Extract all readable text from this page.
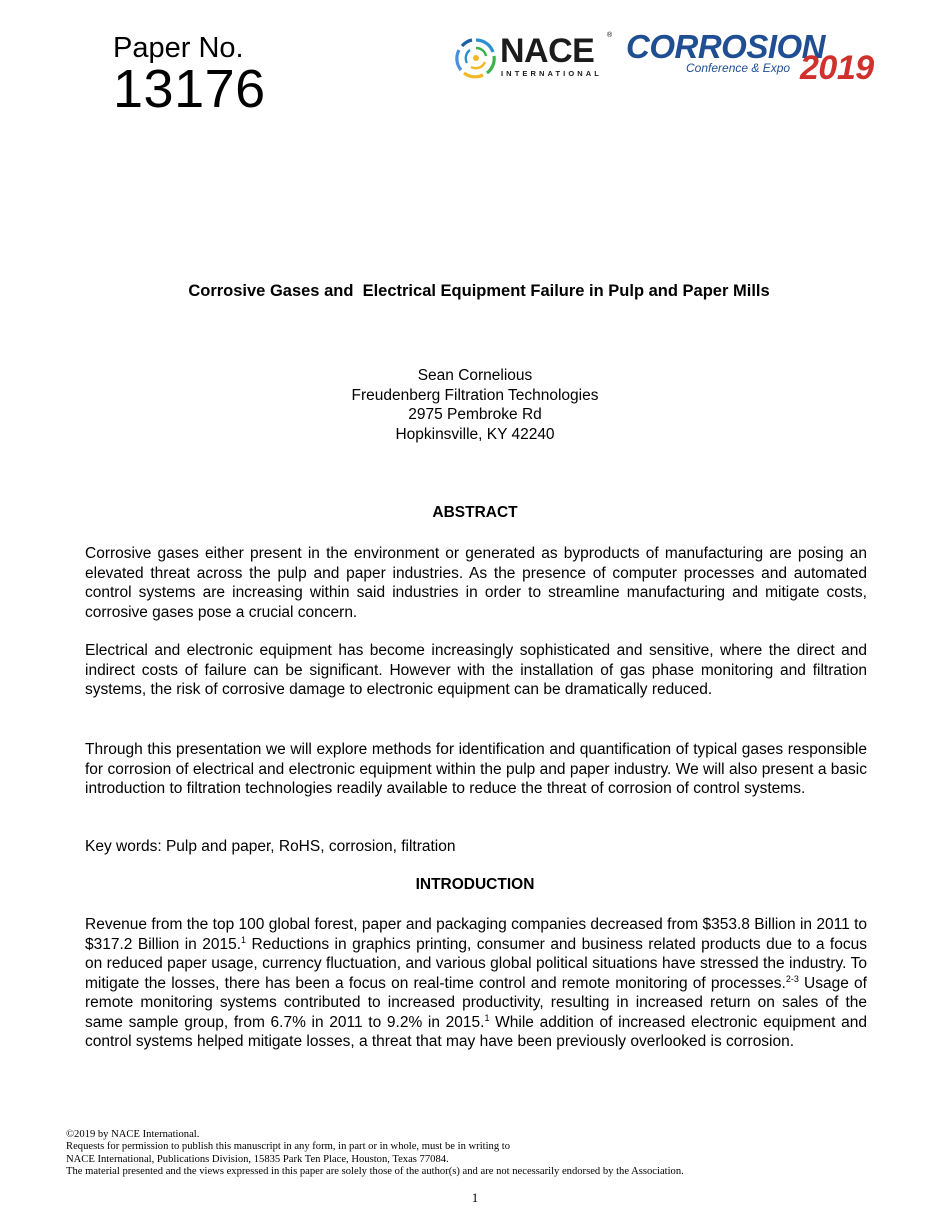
Paper No.
13176
NACE ®
INTERNATIONAL
CORROSION
Conference & Expo 2019
Corrosive Gases and  Electrical Equipment Failure in Pulp and Paper Mills
Sean Cornelious
Freudenberg Filtration Technologies
2975 Pembroke Rd
Hopkinsville, KY 42240
ABSTRACT

Corrosive gases either present in the environment or generated as byproducts of manufacturing are posing an elevated threat across the pulp and paper industries. As the presence of computer processes and automated control systems are increasing within said industries in order to streamline manufacturing and mitigate costs, corrosive gases pose a crucial concern.

Electrical and electronic equipment has become increasingly sophisticated and sensitive, where the direct and indirect costs of failure can be significant. However with the installation of gas phase monitoring and filtration systems, the risk of corrosive damage to electronic equipment can be dramatically reduced.

Through this presentation we will explore methods for identification and quantification of typical gases responsible for corrosion of electrical and electronic equipment within the pulp and paper industry. We will also present a basic introduction to filtration technologies readily available to reduce the threat of corrosion of control systems.

Key words: Pulp and paper, RoHS, corrosion, filtration

INTRODUCTION

Revenue from the top 100 global forest, paper and packaging companies decreased from $353.8 Billion in 2011 to $317.2 Billion in 2015.$^1$ Reductions in graphics printing, consumer and business related products due to a focus on reduced paper usage, currency fluctuation, and various global political situations have stressed the industry. To mitigate the losses, there has been a focus on real-time control and remote monitoring of processes.$^{2-3}$ Usage of remote monitoring systems contributed to increased productivity, resulting in increased return on sales of the same sample group, from 6.7% in 2011 to 9.2% in 2015.$^1$ While addition of increased electronic equipment and control systems helped mitigate losses, a threat that may have been previously overlooked is corrosion.

©2019 by NACE International.
Requests for permission to publish this manuscript in any form, in part or in whole, must be in writing to
NACE International, Publications Division, 15835 Park Ten Place, Houston, Texas 77084.
The material presented and the views expressed in this paper are solely those of the author(s) and are not necessarily endorsed by the Association.
1
